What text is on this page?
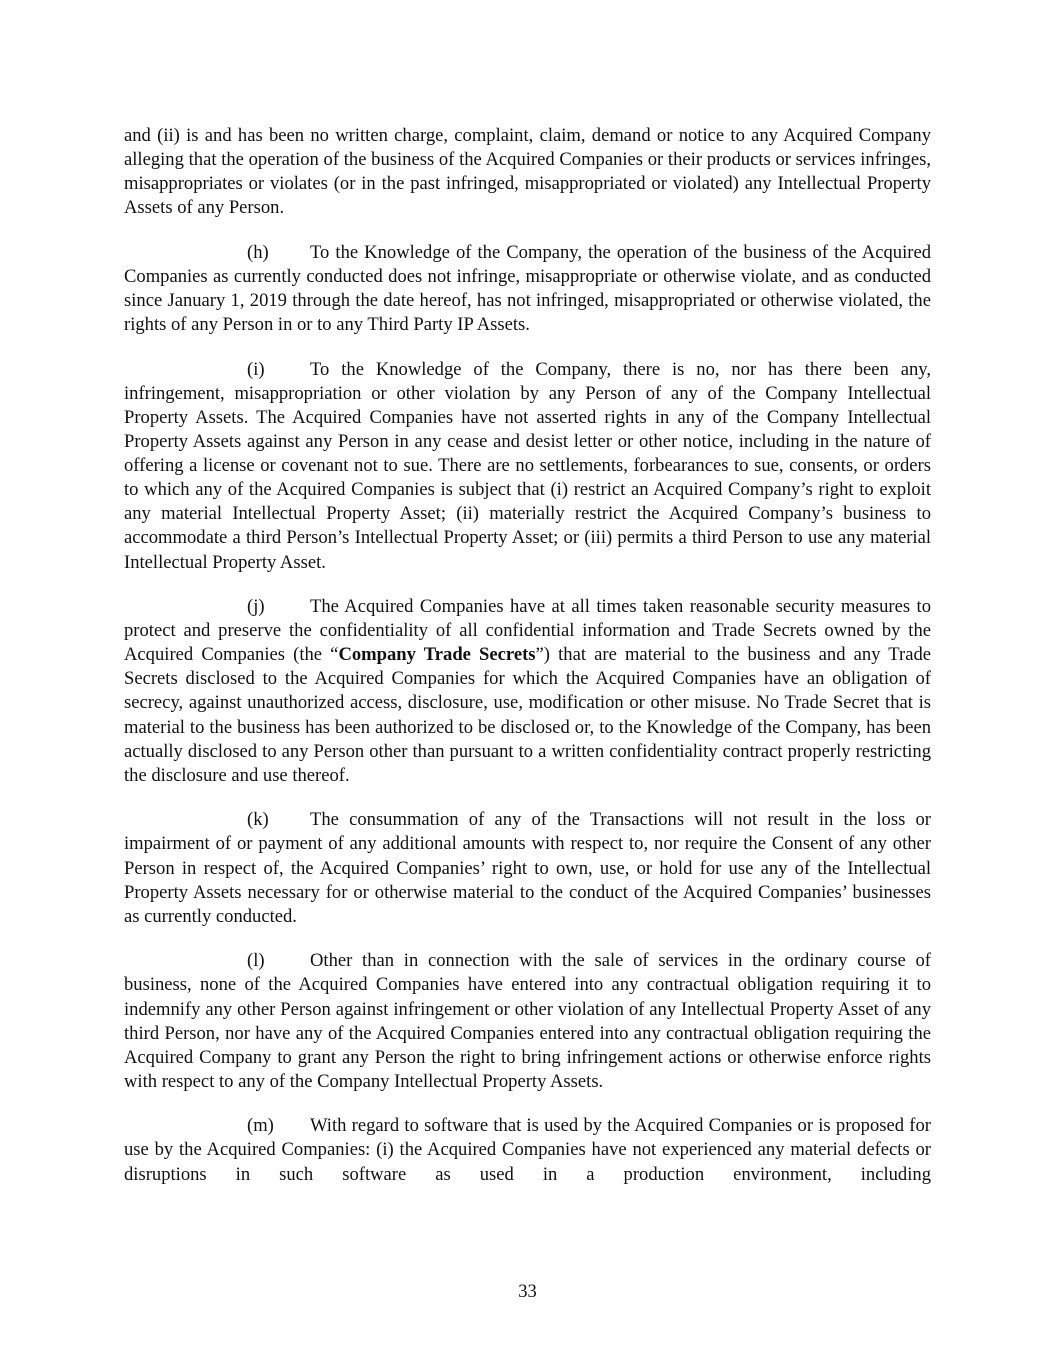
and (ii) is and has been no written charge, complaint, claim, demand or notice to any Acquired Company alleging that the operation of the business of the Acquired Companies or their products or services infringes, misappropriates or violates (or in the past infringed, misappropriated or violated) any Intellectual Property Assets of any Person.

(h) To the Knowledge of the Company, the operation of the business of the Acquired Companies as currently conducted does not infringe, misappropriate or otherwise violate, and as conducted since January 1, 2019 through the date hereof, has not infringed, misappropriated or otherwise violated, the rights of any Person in or to any Third Party IP Assets.

(i) To the Knowledge of the Company, there is no, nor has there been any, infringement, misappropriation or other violation by any Person of any of the Company Intellectual Property Assets. The Acquired Companies have not asserted rights in any of the Company Intellectual Property Assets against any Person in any cease and desist letter or other notice, including in the nature of offering a license or covenant not to sue. There are no settlements, forbearances to sue, consents, or orders to which any of the Acquired Companies is subject that (i) restrict an Acquired Company’s right to exploit any material Intellectual Property Asset; (ii) materially restrict the Acquired Company’s business to accommodate a third Person’s Intellectual Property Asset; or (iii) permits a third Person to use any material Intellectual Property Asset.

(j) The Acquired Companies have at all times taken reasonable security measures to protect and preserve the confidentiality of all confidential information and Trade Secrets owned by the Acquired Companies (the “Company Trade Secrets”) that are material to the business and any Trade Secrets disclosed to the Acquired Companies for which the Acquired Companies have an obligation of secrecy, against unauthorized access, disclosure, use, modification or other misuse. No Trade Secret that is material to the business has been authorized to be disclosed or, to the Knowledge of the Company, has been actually disclosed to any Person other than pursuant to a written confidentiality contract properly restricting the disclosure and use thereof.

(k) The consummation of any of the Transactions will not result in the loss or impairment of or payment of any additional amounts with respect to, nor require the Consent of any other Person in respect of, the Acquired Companies’ right to own, use, or hold for use any of the Intellectual Property Assets necessary for or otherwise material to the conduct of the Acquired Companies’ businesses as currently conducted.

(l) Other than in connection with the sale of services in the ordinary course of business, none of the Acquired Companies have entered into any contractual obligation requiring it to indemnify any other Person against infringement or other violation of any Intellectual Property Asset of any third Person, nor have any of the Acquired Companies entered into any contractual obligation requiring the Acquired Company to grant any Person the right to bring infringement actions or otherwise enforce rights with respect to any of the Company Intellectual Property Assets.

(m) With regard to software that is used by the Acquired Companies or is proposed for use by the Acquired Companies: (i) the Acquired Companies have not experienced any material defects or disruptions in such software as used in a production environment, including

33
